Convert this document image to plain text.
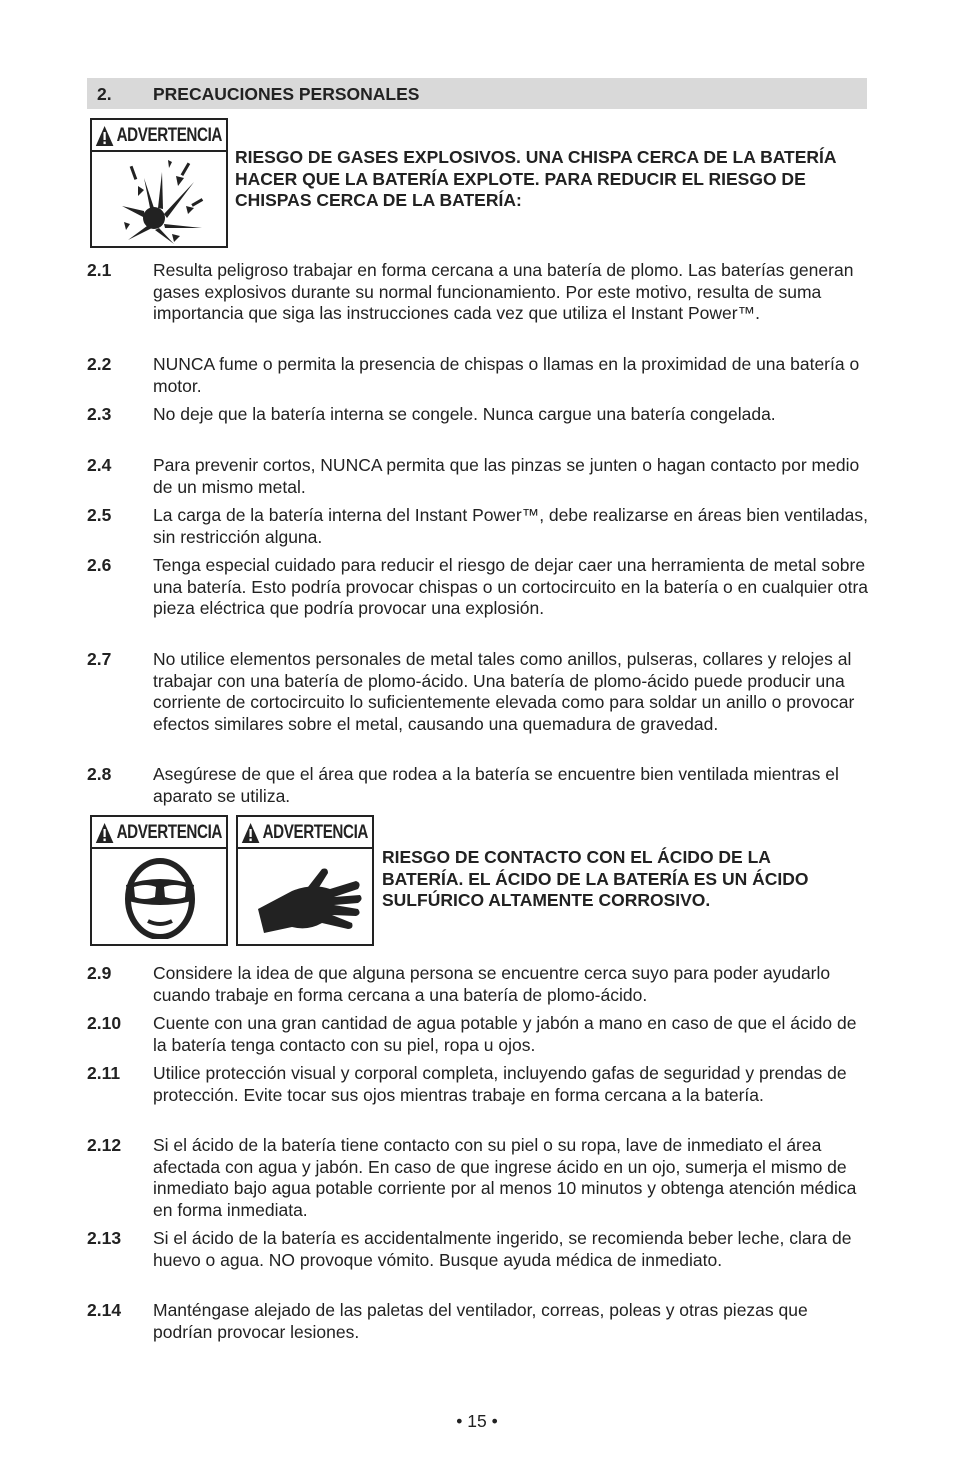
2. PRECAUCIONES PERSONALES
ADVERTENCIA
RIESGO DE GASES EXPLOSIVOS. UNA CHISPA CERCA DE LA BATERÍA HACER QUE LA BATERÍA EXPLOTE. PARA REDUCIR EL RIESGO DE CHISPAS CERCA DE LA BATERÍA:
2.1 Resulta peligroso trabajar en forma cercana a una batería de plomo. Las baterías generan gases explosivos durante su normal funcionamiento. Por este motivo, resulta de suma importancia que siga las instrucciones cada vez que utiliza el Instant Power™.
2.2 NUNCA fume o permita la presencia de chispas o llamas en la proximidad de una batería o motor.
2.3 No deje que la batería interna se congele. Nunca cargue una batería congelada.
2.4 Para prevenir cortos, NUNCA permita que las pinzas se junten o hagan contacto por medio de un mismo metal.
2.5 La carga de la batería interna del Instant Power™, debe realizarse en áreas bien ventiladas, sin restricción alguna.
2.6 Tenga especial cuidado para reducir el riesgo de dejar caer una herramienta de metal sobre una batería. Esto podría provocar chispas o un cortocircuito en la batería o en cualquier otra pieza eléctrica que podría provocar una explosión.
2.7 No utilice elementos personales de metal tales como anillos, pulseras, collares y relojes al trabajar con una batería de plomo-ácido. Una batería de plomo-ácido puede producir una corriente de cortocircuito lo suficientemente elevada como para soldar un anillo o provocar efectos similares sobre el metal, causando una quemadura de gravedad.
2.8 Asegúrese de que el área que rodea a la batería se encuentre bien ventilada mientras el aparato se utiliza.
ADVERTENCIA ADVERTENCIA
RIESGO DE CONTACTO CON EL ÁCIDO DE LA BATERÍA. EL ÁCIDO DE LA BATERÍA ES UN ÁCIDO SULFÚRICO ALTAMENTE CORROSIVO.
2.9 Considere la idea de que alguna persona se encuentre cerca suyo para poder ayudarlo cuando trabaje en forma cercana a una batería de plomo-ácido.
2.10 Cuente con una gran cantidad de agua potable y jabón a mano en caso de que el ácido de la batería tenga contacto con su piel, ropa u ojos.
2.11 Utilice protección visual y corporal completa, incluyendo gafas de seguridad y prendas de protección. Evite tocar sus ojos mientras trabaje en forma cercana a la batería.
2.12 Si el ácido de la batería tiene contacto con su piel o su ropa, lave de inmediato el área afectada con agua y jabón. En caso de que ingrese ácido en un ojo, sumerja el mismo de inmediato bajo agua potable corriente por al menos 10 minutos y obtenga atención médica en forma inmediata.
2.13 Si el ácido de la batería es accidentalmente ingerido, se recomienda beber leche, clara de huevo o agua. NO provoque vómito. Busque ayuda médica de inmediato.
2.14 Manténgase alejado de las paletas del ventilador, correas, poleas y otras piezas que podrían provocar lesiones.
• 15 •
